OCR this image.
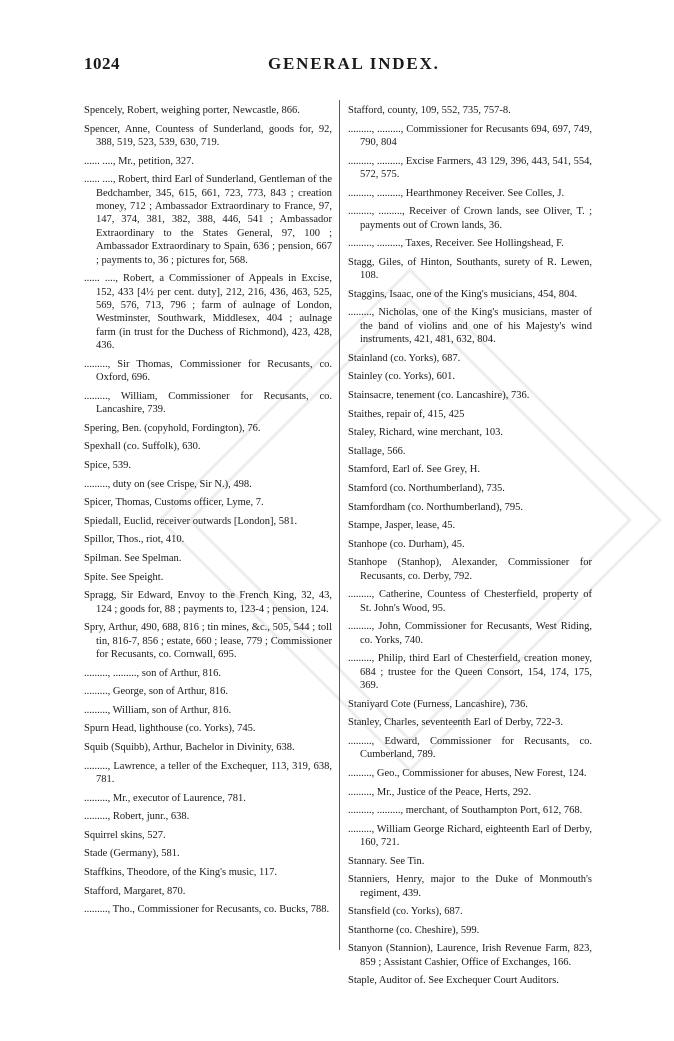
1024	GENERAL INDEX.
Spencely, Robert, weighing porter, Newcastle, 866.
Spencer, Anne, Countess of Sunderland, goods for, 92, 388, 519, 523, 539, 630, 719.
...... ...., Mr., petition, 327.
...... ...., Robert, third Earl of Sunderland, Gentleman of the Bedchamber, 345, 615, 661, 723, 773, 843 ; creation money, 712 ; Ambassador Extraordinary to France, 97, 147, 374, 381, 382, 388, 446, 541 ; Ambassador Extraordinary to the States General, 97, 100 ; Ambassador Extraordinary to Spain, 636 ; pension, 667 ; payments to, 36 ; pictures for, 568.
...... ...., Robert, a Commissioner of Appeals in Excise, 152, 433 [4½ per cent. duty], 212, 216, 436, 463, 525, 569, 576, 713, 796 ; farm of aulnage of London, Westminster, Southwark, Middlesex, 404 ; aulnage farm (in trust for the Duchess of Richmond), 423, 428, 436.
........., Sir Thomas, Commissioner for Recusants, co. Oxford, 696.
........., William, Commissioner for Recusants, co. Lancashire, 739.
Spering, Ben. (copyhold, Fordington), 76.
Spexhall (co. Suffolk), 630.
Spice, 539.
........., duty on (see Crispe, Sir N.), 498.
Spicer, Thomas, Customs officer, Lyme, 7.
Spiedall, Euclid, receiver outwards [London], 581.
Spillor, Thos., riot, 410.
Spilman. See Spelman.
Spite. See Speight.
Spragg, Sir Edward, Envoy to the French King, 32, 43, 124 ; goods for, 88 ; payments to, 123-4 ; pension, 124.
Spry, Arthur, 490, 688, 816 ; tin mines, &c., 505, 544 ; toll tin, 816-7, 856 ; estate, 660 ; lease, 779 ; Commissioner for Recusants, co. Cornwall, 695.
........., ........., son of Arthur, 816.
........., George, son of Arthur, 816.
........., William, son of Arthur, 816.
Spurn Head, lighthouse (co. Yorks), 745.
Squib (Squibb), Arthur, Bachelor in Divinity, 638.
........., Lawrence, a teller of the Exchequer, 113, 319, 638, 781.
........., Mr., executor of Laurence, 781.
........., Robert, junr., 638.
Squirrel skins, 527.
Stade (Germany), 581.
Staffkins, Theodore, of the King's music, 117.
Stafford, Margaret, 870.
........., Tho., Commissioner for Recusants, co. Bucks, 788.
Stafford, county, 109, 552, 735, 757-8.
........., ........., Commissioner for Recusants 694, 697, 749, 790, 804
........., ........., Excise Farmers, 43 129, 396, 443, 541, 554, 572, 575.
........., ........., Hearthmoney Receiver. See Colles, J.
........., ........., Receiver of Crown lands, see Oliver, T. ; payments out of Crown lands, 36.
........., ........., Taxes, Receiver. See Hollingshead, F.
Stagg, Giles, of Hinton, Southants, surety of R. Lewen, 108.
Staggins, Isaac, one of the King's musicians, 454, 804.
........., Nicholas, one of the King's musicians, master of the band of violins and one of his Majesty's wind instruments, 421, 481, 632, 804.
Stainland (co. Yorks), 687.
Stainley (co. Yorks), 601.
Stainsacre, tenement (co. Lancashire), 736.
Staithes, repair of, 415, 425
Staley, Richard, wine merchant, 103.
Stallage, 566.
Stamford, Earl of. See Grey, H.
Stamford (co. Northumberland), 735.
Stamfordham (co. Northumberland), 795.
Stampe, Jasper, lease, 45.
Stanhope (co. Durham), 45.
Stanhope (Stanhop), Alexander, Commissioner for Recusants, co. Derby, 792.
........., Catherine, Countess of Chesterfield, property of St. John's Wood, 95.
........., John, Commissioner for Recusants, West Riding, co. Yorks, 740.
........., Philip, third Earl of Chesterfield, creation money, 684 ; trustee for the Queen Consort, 154, 174, 175, 369.
Staniyard Cote (Furness, Lancashire), 736.
Stanley, Charles, seventeenth Earl of Derby, 722-3.
........., Edward, Commissioner for Recusants, co. Cumberland, 789.
........., Geo., Commissioner for abuses, New Forest, 124.
........., Mr., Justice of the Peace, Herts, 292.
........., ........., merchant, of Southampton Port, 612, 768.
........., William George Richard, eighteenth Earl of Derby, 160, 721.
Stannary. See Tin.
Stanniers, Henry, major to the Duke of Monmouth's regiment, 439.
Stansfield (co. Yorks), 687.
Stanthorne (co. Cheshire), 599.
Stanyon (Stannion), Laurence, Irish Revenue Farm, 823, 859 ; Assistant Cashier, Office of Exchanges, 166.
Staple, Auditor of. See Exchequer Court Auditors.
